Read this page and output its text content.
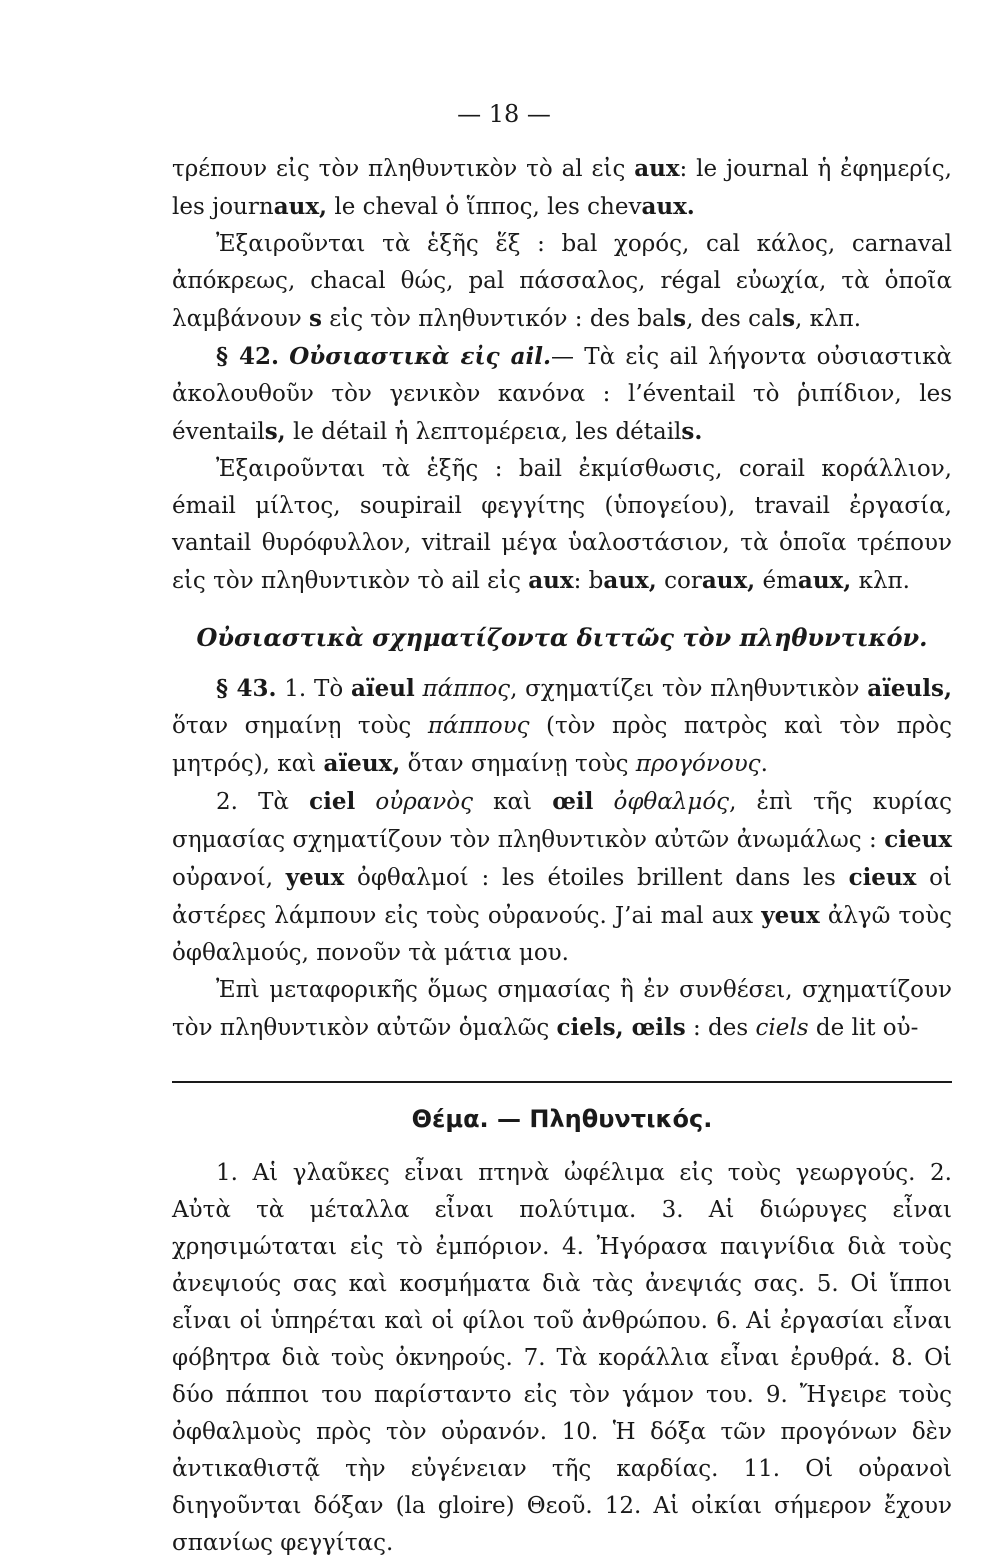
— 18 —

τρέπουν εἰς τὸν πληθυντικὸν τὸ al εἰς aux: le journal ἡ ἐφημερίς, les journaux, le cheval ὁ ἵππος, les chevaux.

Ἐξαιροῦνται τὰ ἑξῆς ἕξ : bal χορός, cal κάλος, carnaval ἀπόκρεως, chacal θώς, pal πάσσαλος, régal εὐωχία, τὰ ὁποῖα λαμβάνουν s εἰς τὸν πληθυντικόν : des bals, des cals, κλπ.

§ 42. Οὐσιαστικὰ εἰς ail.— Τὰ εἰς ail λήγοντα οὐσιαστικὰ ἀκολουθοῦν τὸν γενικὸν κανόνα : l’éventail τὸ ῥιπίδιον, les éventails, le détail ἡ λεπτομέρεια, les détails.

Ἐξαιροῦνται τὰ ἑξῆς : bail ἐκμίσθωσις, corail κοράλλιον, émail μίλτος, soupirail φεγγίτης (ὑπογείου), travail ἐργασία, vantail θυρόφυλλον, vitrail μέγα ὑαλοστάσιον, τὰ ὁποῖα τρέπουν εἰς τὸν πληθυντικὸν τὸ ail εἰς aux: baux, coraux, émaux, κλπ.

Οὐσιαστικὰ σχηματίζοντα διττῶς τὸν πληθυντικόν.

§ 43. 1. Τὸ aïeul πάππος, σχηματίζει τὸν πληθυντικὸν aïeuls, ὅταν σημαίνῃ τοὺς πάππους (τὸν πρὸς πατρὸς καὶ τὸν πρὸς μητρός), καὶ aïeux, ὅταν σημαίνῃ τοὺς προγόνους.

2. Τὰ ciel οὐρανὸς καὶ œil ὀφθαλμός, ἐπὶ τῆς κυρίας σημασίας σχηματίζουν τὸν πληθυντικὸν αὐτῶν ἀνωμάλως : cieux οὐρανοί, yeux ὀφθαλμοί : les étoiles brillent dans les cieux οἱ ἀστέρες λάμπουν εἰς τοὺς οὐρανούς. J’ai mal aux yeux ἀλγῶ τοὺς ὀφθαλμούς, πονοῦν τὰ μάτια μου.

Ἐπὶ μεταφορικῆς ὅμως σημασίας ἢ ἐν συνθέσει, σχηματίζουν τὸν πληθυντικὸν αὐτῶν ὁμαλῶς ciels, œils : des ciels de lit οὐ-

Θέμα. — Πληθυντικός.

1. Αἱ γλαῦκες εἶναι πτηνὰ ὠφέλιμα εἰς τοὺς γεωργούς. 2. Αὐτὰ τὰ μέταλλα εἶναι πολύτιμα. 3. Αἱ διώρυγες εἶναι χρησιμώταται εἰς τὸ ἐμπόριον. 4. Ἠγόρασα παιγνίδια διὰ τοὺς ἀνεψιούς σας καὶ κοσμήματα διὰ τὰς ἀνεψιάς σας. 5. Οἱ ἵπποι εἶναι οἱ ὑπηρέται καὶ οἱ φίλοι τοῦ ἀνθρώπου. 6. Αἱ ἐργασίαι εἶναι φόβητρα διὰ τοὺς ὀκνηρούς. 7. Τὰ κοράλλια εἶναι ἐρυθρά. 8. Οἱ δύο πάπποι του παρίσταντο εἰς τὸν γάμον του. 9. Ἤγειρε τοὺς ὀφθαλμοὺς πρὸς τὸν οὐρανόν. 10. Ἡ δόξα τῶν προγόνων δὲν ἀντικαθιστᾷ τὴν εὐγένειαν τῆς καρδίας. 11. Οἱ οὐρανοὶ διηγοῦνται δόξαν (la gloire) Θεοῦ. 12. Αἱ οἰκίαι σήμερον ἔχουν σπανίως φεγγίτας.
